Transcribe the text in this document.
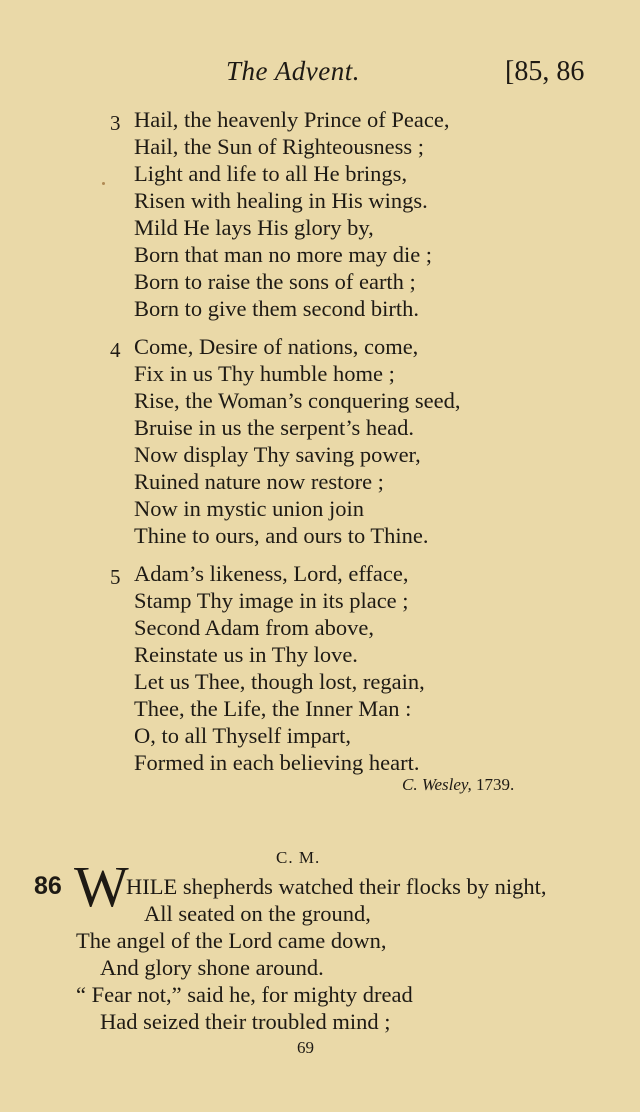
The Advent.	[85, 86
3 Hail, the heavenly Prince of Peace,
Hail, the Sun of Righteousness ;
Light and life to all He brings,
Risen with healing in His wings.
Mild He lays His glory by,
Born that man no more may die ;
Born to raise the sons of earth ;
Born to give them second birth.
4 Come, Desire of nations, come,
Fix in us Thy humble home ;
Rise, the Woman’s conquering seed,
Bruise in us the serpent’s head.
Now display Thy saving power,
Ruined nature now restore ;
Now in mystic union join
Thine to ours, and ours to Thine.
5 Adam’s likeness, Lord, efface,
Stamp Thy image in its place ;
Second Adam from above,
Reinstate us in Thy love.
Let us Thee, though lost, regain,
Thee, the Life, the Inner Man :
O, to all Thyself impart,
Formed in each believing heart.
C. Wesley, 1739.
C. M.
86 W
HILE shepherds watched their flocks by night,
All seated on the ground,
The angel of the Lord came down,
And glory shone around.
“ Fear not,” said he, for mighty dread
Had seized their troubled mind ;
69
